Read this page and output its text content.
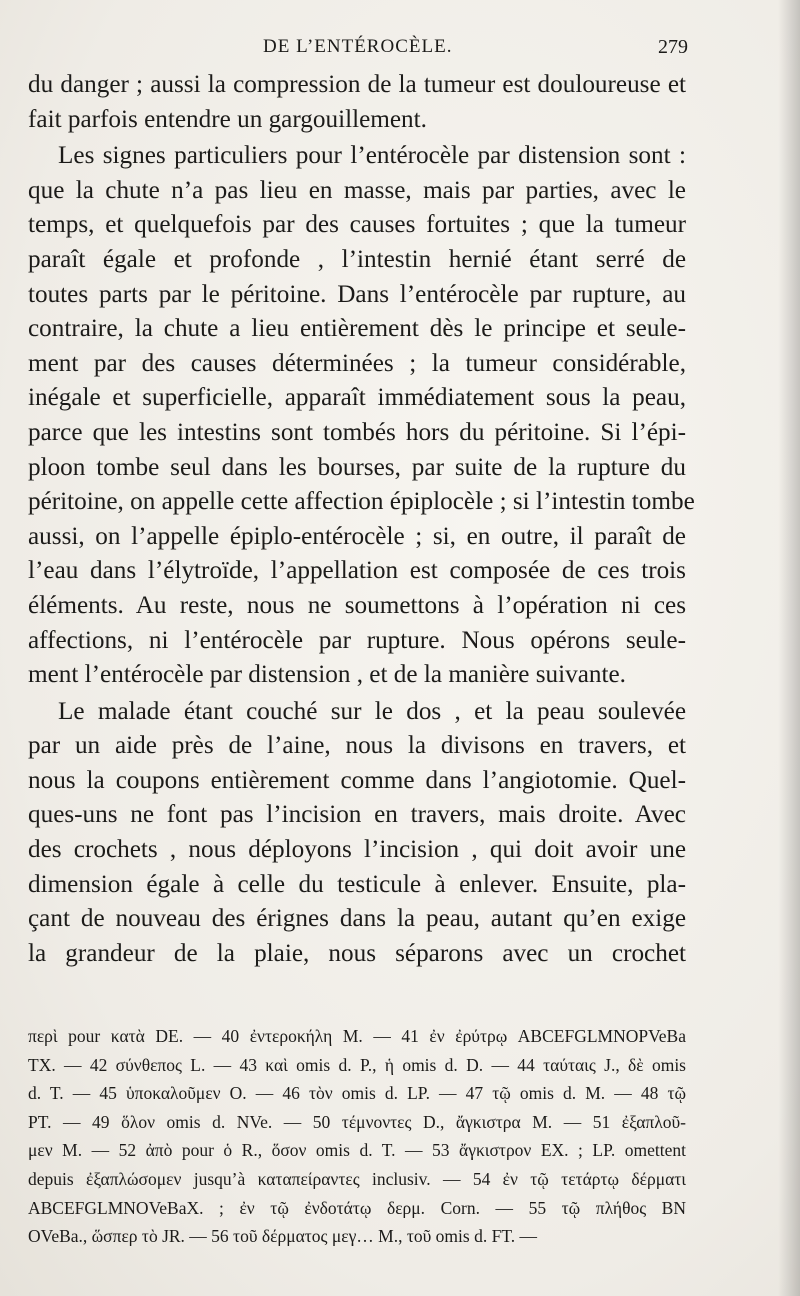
DE L’ENTÉROCÈLE.	279
du danger ; aussi la compression de la tumeur est douloureuse et
fait parfois entendre un gargouillement.
Les signes particuliers pour l’entérocèle par distension sont :
que la chute n’a pas lieu en masse, mais par parties, avec le
temps, et quelquefois par des causes fortuites ; que la tumeur
paraît égale et profonde , l’intestin hernié étant serré de
toutes parts par le péritoine. Dans l’entérocèle par rupture, au
contraire, la chute a lieu entièrement dès le principe et seule-
ment par des causes déterminées ; la tumeur considérable,
inégale et superficielle, apparaît immédiatement sous la peau,
parce que les intestins sont tombés hors du péritoine. Si l’épi-
ploon tombe seul dans les bourses, par suite de la rupture du
péritoine, on appelle cette affection épiplocèle ; si l’intestin tombe
aussi, on l’appelle épiplo-entérocèle ; si, en outre, il paraît de
l’eau dans l’élytroïde, l’appellation est composée de ces trois
éléments. Au reste, nous ne soumettons à l’opération ni ces
affections, ni l’entérocèle par rupture. Nous opérons seule-
ment l’entérocèle par distension , et de la manière suivante.
Le malade étant couché sur le dos , et la peau soulevée
par un aide près de l’aine, nous la divisons en travers, et
nous la coupons entièrement comme dans l’angiotomie. Quel-
ques-uns ne font pas l’incision en travers, mais droite. Avec
des crochets , nous déployons l’incision , qui doit avoir une
dimension égale à celle du testicule à enlever. Ensuite, pla-
çant de nouveau des érignes dans la peau, autant qu’en exige
la grandeur de la plaie, nous séparons avec un crochet
περὶ pour κατὰ DE. — 40 ἐντεροκήλη M. — 41 ἐν ἐρύτρῳ ABCEFGLMNOPVeBa
TX. — 42 σύνθεπος L. — 43 καὶ omis d. P., ἡ omis d. D. — 44 ταύταις J., δὲ omis
d. T. — 45 ὑποκαλοῦμεν O. — 46 τὸν omis d. LP. — 47 τῷ omis d. M. — 48 τῷ
PT. — 49 ὅλον omis d. NVe. — 50 τέμνοντες D., ἄγκιστρα M. — 51 ἐξαπλοῦ-
μεν M. — 52 ἀπὸ pour ὁ R., ὅσον omis d. T. — 53 ἄγκιστρον EX. ; LP. omettent
depuis ἐξαπλώσομεν jusqu’à καταπείραντες inclusiv. — 54 ἐν τῷ τετάρτῳ δέρματι
ABCEFGLMNOVeBaX. ; ἐν τῷ ἐνδοτάτῳ δερμ. Corn. — 55 τῷ πλήθος BN
OVeBa., ὥσπερ τὸ JR. — 56 τοῦ δέρματος μεγ… M., τοῦ omis d. FT. —
